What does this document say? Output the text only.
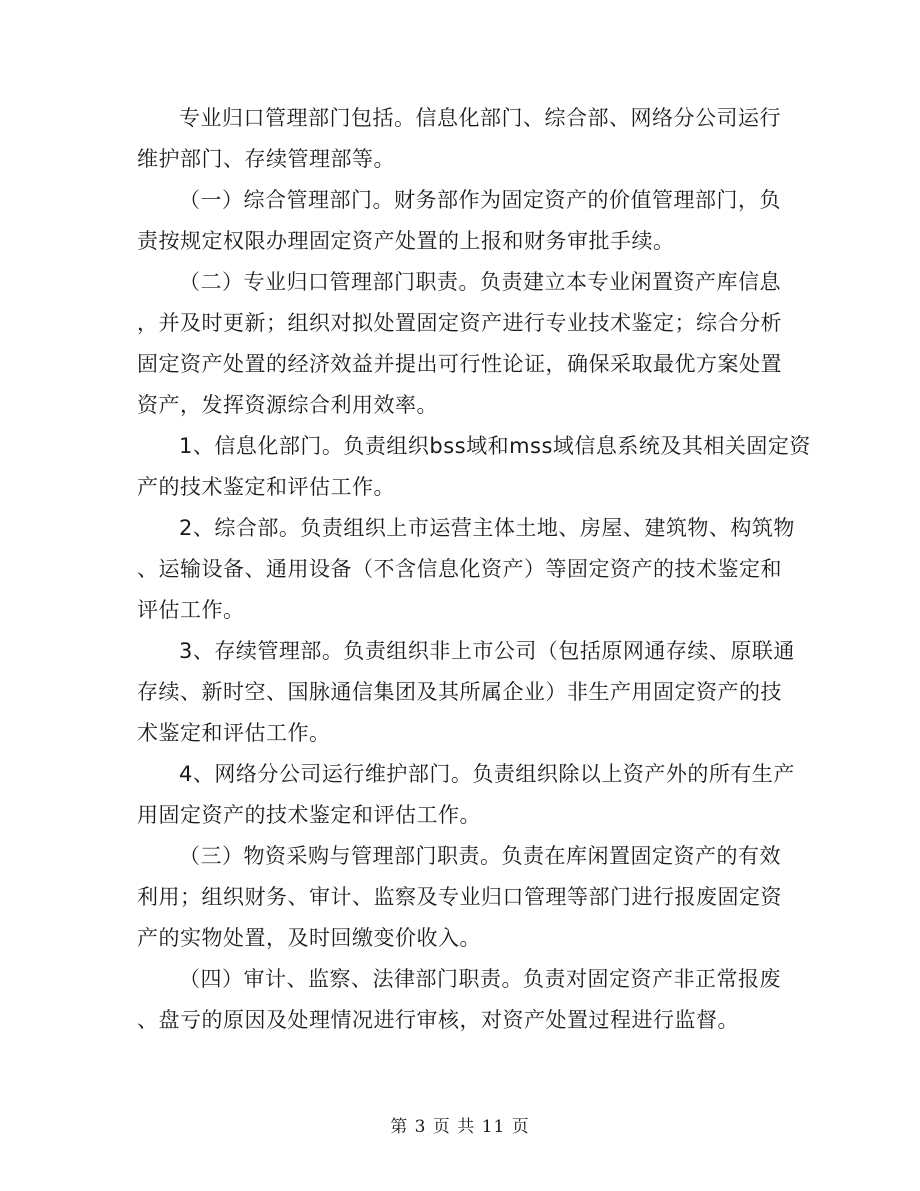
专业归口管理部门包括。信息化部门、综合部、网络分公司运行
维护部门、存续管理部等。
（一）综合管理部门。财务部作为固定资产的价值管理部门，负
责按规定权限办理固定资产处置的上报和财务审批手续。
（二）专业归口管理部门职责。负责建立本专业闲置资产库信息
，并及时更新；组织对拟处置固定资产进行专业技术鉴定；综合分析
固定资产处置的经济效益并提出可行性论证，确保采取最优方案处置
资产，发挥资源综合利用效率。
1、信息化部门。负责组织bss域和mss域信息系统及其相关固定资
产的技术鉴定和评估工作。
2、综合部。负责组织上市运营主体土地、房屋、建筑物、构筑物
、运输设备、通用设备（不含信息化资产）等固定资产的技术鉴定和
评估工作。
3、存续管理部。负责组织非上市公司（包括原网通存续、原联通
存续、新时空、国脉通信集团及其所属企业）非生产用固定资产的技
术鉴定和评估工作。
4、网络分公司运行维护部门。负责组织除以上资产外的所有生产
用固定资产的技术鉴定和评估工作。
（三）物资采购与管理部门职责。负责在库闲置固定资产的有效
利用；组织财务、审计、监察及专业归口管理等部门进行报废固定资
产的实物处置，及时回缴变价收入。
（四）审计、监察、法律部门职责。负责对固定资产非正常报废
、盘亏的原因及处理情况进行审核，对资产处置过程进行监督。
第 3 页 共 11 页
